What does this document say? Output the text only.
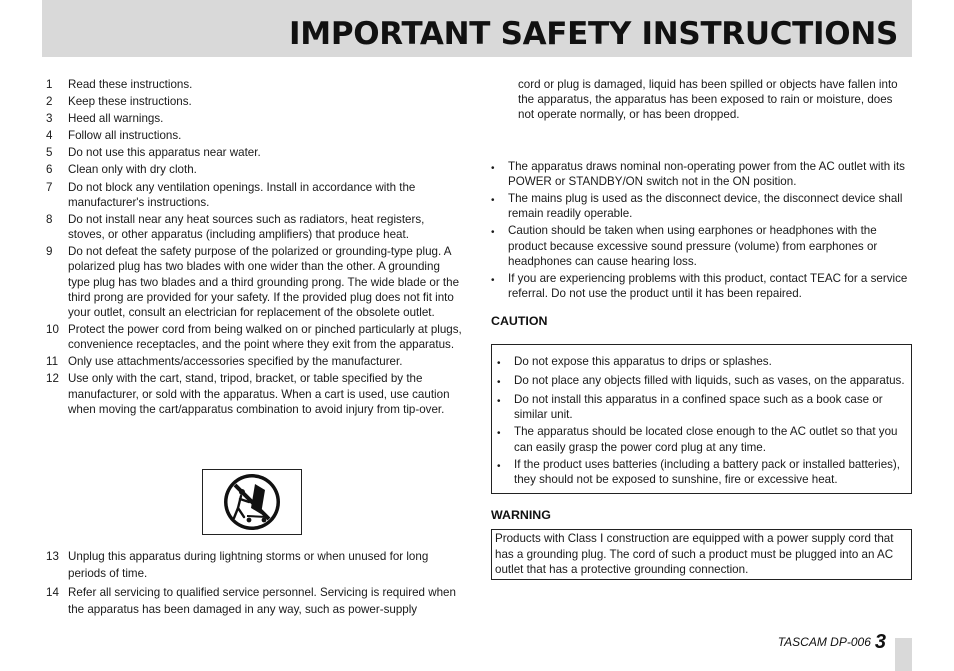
IMPORTANT SAFETY INSTRUCTIONS
1	Read these instructions.
2	Keep these instructions.
3	Heed all warnings.
4	Follow all instructions.
5	Do not use this apparatus near water.
6	Clean only with dry cloth.
7	Do not block any ventilation openings. Install in accordance with the manufacturer's instructions.
8	Do not install near any heat sources such as radiators, heat registers, stoves, or other apparatus (including amplifiers) that produce heat.
9	Do not defeat the safety purpose of the polarized or grounding-type plug. A polarized plug has two blades with one wider than the other. A grounding type plug has two blades and a third grounding prong. The wide blade or the third prong are provided for your safety. If the provided plug does not fit into your outlet, consult an electrician for replacement of the obsolete outlet.
10 Protect the power cord from being walked on or pinched particularly at plugs, convenience receptacles, and the point where they exit from the apparatus.
11 Only use attachments/accessories specified by the manufacturer.
12 Use only with the cart, stand, tripod, bracket, or table specified by the manufacturer, or sold with the apparatus. When a cart is used, use caution when moving the cart/apparatus combination to avoid injury from tip-over.
13 Unplug this apparatus during lightning storms or when unused for long periods of time.
14 Refer all servicing to qualified service personnel. Servicing is required when the apparatus has been damaged in any way, such as power-supply

cord or plug is damaged, liquid has been spilled or objects have fallen into the apparatus, the apparatus has been exposed to rain or moisture, does not operate normally, or has been dropped.

•	The apparatus draws nominal non-operating power from the AC outlet with its POWER or STANDBY/ON switch not in the ON position.
•	The mains plug is used as the disconnect device, the disconnect device shall remain readily operable.
•	Caution should be taken when using earphones or headphones with the product because excessive sound pressure (volume) from earphones or headphones can cause hearing loss.
•	If you are experiencing problems with this product, contact TEAC for a service referral. Do not use the product until it has been repaired.
CAUTION
•	Do not expose this apparatus to drips or splashes.
•	Do not place any objects filled with liquids, such as vases, on the apparatus.
•	Do not install this apparatus in a confined space such as a book case or similar unit.
•	The apparatus should be located close enough to the AC outlet so that you can easily grasp the power cord plug at any time.
•	If the product uses batteries (including a battery pack or installed batteries), they should not be exposed to sunshine, fire or excessive heat.
WARNING

Products with Class Ⅰ construction are equipped with a power supply cord that has a grounding plug. The cord of such a product must be plugged into an AC outlet that has a protective grounding connection.

TASCAM DP-006 3
